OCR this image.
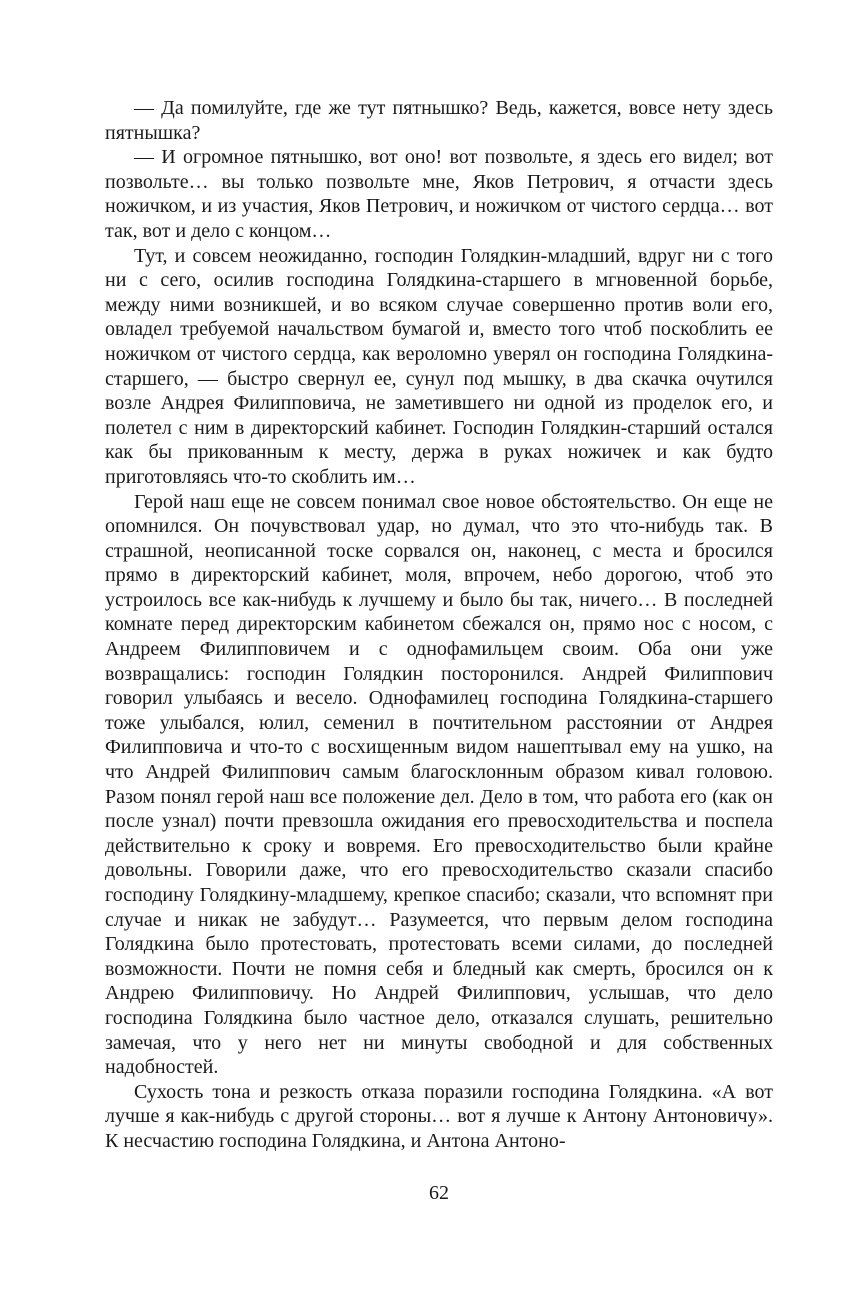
— Да помилуйте, где же тут пятнышко? Ведь, кажется, вовсе нету здесь пятнышка?

— И огромное пятнышко, вот оно! вот позвольте, я здесь его видел; вот позвольте… вы только позвольте мне, Яков Петрович, я отчасти здесь ножичком, и из участия, Яков Петрович, и ножичком от чистого сердца… вот так, вот и дело с концом…

Тут, и совсем неожиданно, господин Голядкин-младший, вдруг ни с того ни с сего, осилив господина Голядкина-старшего в мгновенной борьбе, между ними возникшей, и во всяком случае совершенно против воли его, овладел требуемой начальством бумагой и, вместо того чтоб поскоблить ее ножичком от чистого сердца, как вероломно уверял он господина Голядкина-старшего, — быстро свернул ее, сунул под мышку, в два скачка очутился возле Андрея Филипповича, не заметившего ни одной из проделок его, и полетел с ним в директорский кабинет. Господин Голядкин-старший остался как бы прикованным к месту, держа в руках ножичек и как будто приготовляясь что-то скоблить им…

Герой наш еще не совсем понимал свое новое обстоятельство. Он еще не опомнился. Он почувствовал удар, но думал, что это что-нибудь так. В страшной, неописанной тоске сорвался он, наконец, с места и бросился прямо в директорский кабинет, моля, впрочем, небо дорогою, чтоб это устроилось все как-нибудь к лучшему и было бы так, ничего… В последней комнате перед директорским кабинетом сбежался он, прямо нос с носом, с Андреем Филипповичем и с однофамильцем своим. Оба они уже возвращались: господин Голядкин посторонился. Андрей Филиппович говорил улыбаясь и весело. Однофамилец господина Голядкина-старшего тоже улыбался, юлил, семенил в почтительном расстоянии от Андрея Филипповича и что-то с восхищенным видом нашептывал ему на ушко, на что Андрей Филиппович самым благосклонным образом кивал головою. Разом понял герой наш все положение дел. Дело в том, что работа его (как он после узнал) почти превзошла ожидания его превосходительства и поспела действительно к сроку и вовремя. Его превосходительство были крайне довольны. Говорили даже, что его превосходительство сказали спасибо господину Голядкину-младшему, крепкое спасибо; сказали, что вспомнят при случае и никак не забудут… Разумеется, что первым делом господина Голядкина было протестовать, протестовать всеми силами, до последней возможности. Почти не помня себя и бледный как смерть, бросился он к Андрею Филипповичу. Но Андрей Филиппович, услышав, что дело господина Голядкина было частное дело, отказался слушать, решительно замечая, что у него нет ни минуты свободной и для собственных надобностей.

Сухость тона и резкость отказа поразили господина Голядкина. «А вот лучше я как-нибудь с другой стороны… вот я лучше к Антону Антоновичу». К несчастию господина Голядкина, и Антона Антоно-

62
